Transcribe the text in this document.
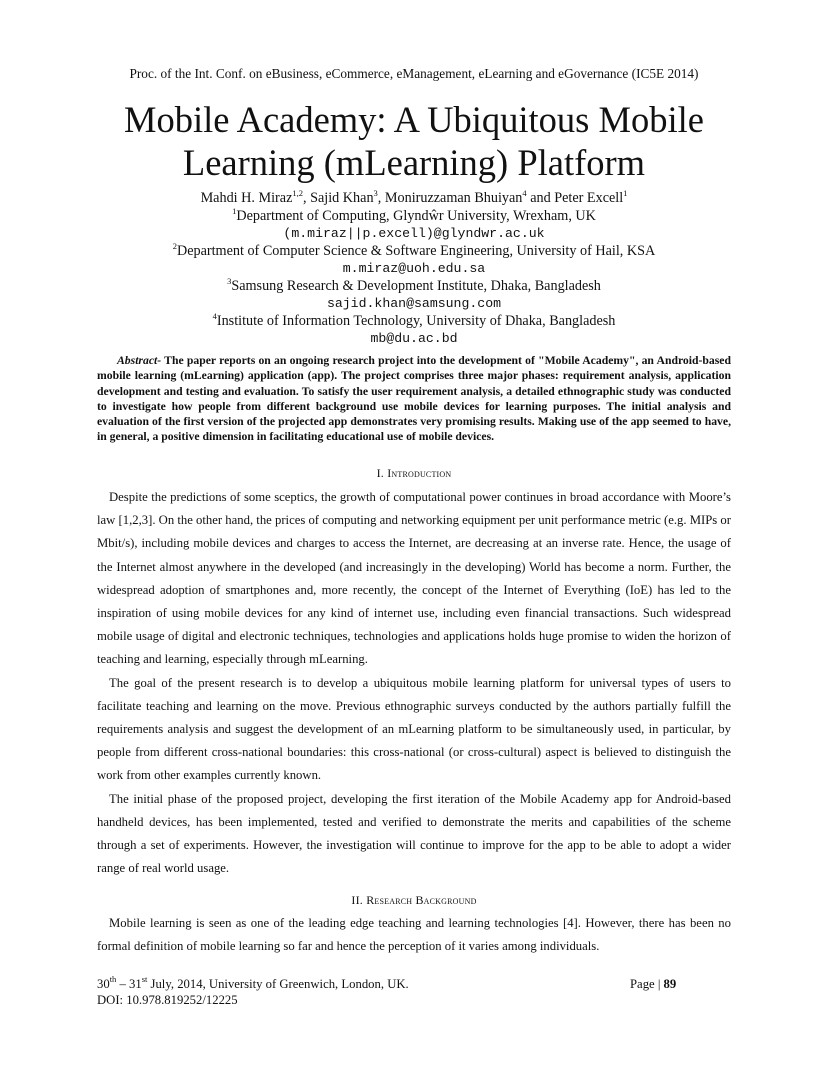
Proc. of the Int. Conf. on eBusiness, eCommerce, eManagement, eLearning and eGovernance (IC5E 2014)
Mobile Academy: A Ubiquitous Mobile
Learning (mLearning) Platform
Mahdi H. Miraz$^{1,2}$, Sajid Khan$^3$, Moniruzzaman Bhuiyan$^4$ and Peter Excell$^1$
$^1$Department of Computing, Glyndŵr University, Wrexham, UK
(m.miraz||p.excell)@glyndwr.ac.uk
$^2$Department of Computer Science & Software Engineering, University of Hail, KSA
m.miraz@uoh.edu.sa
$^3$Samsung Research & Development Institute, Dhaka, Bangladesh
sajid.khan@samsung.com
$^4$Institute of Information Technology, University of Dhaka, Bangladesh
mb@du.ac.bd
Abstract- The paper reports on an ongoing research project into the development of "Mobile Academy", an Android-based mobile learning (mLearning) application (app). The project comprises three major phases: requirement analysis, application development and testing and evaluation. To satisfy the user requirement analysis, a detailed ethnographic study was conducted to investigate how people from different background use mobile devices for learning purposes. The initial analysis and evaluation of the first version of the projected app demonstrates very promising results. Making use of the app seemed to have, in general, a positive dimension in facilitating educational use of mobile devices.
I. Introduction

Despite the predictions of some sceptics, the growth of computational power continues in broad accordance with Moore’s law [1,2,3]. On the other hand, the prices of computing and networking equipment per unit performance metric (e.g. MIPs or Mbit/s), including mobile devices and charges to access the Internet, are decreasing at an inverse rate. Hence, the usage of the Internet almost anywhere in the developed (and increasingly in the developing) World has become a norm. Further, the widespread adoption of smartphones and, more recently, the concept of the Internet of Everything (IoE) has led to the inspiration of using mobile devices for any kind of internet use, including even financial transactions. Such widespread mobile usage of digital and electronic techniques, technologies and applications holds huge promise to widen the horizon of teaching and learning, especially through mLearning.

The goal of the present research is to develop a ubiquitous mobile learning platform for universal types of users to facilitate teaching and learning on the move. Previous ethnographic surveys conducted by the authors partially fulfill the requirements analysis and suggest the development of an mLearning platform to be simultaneously used, in particular, by people from different cross-national boundaries: this cross-national (or cross-cultural) aspect is believed to distinguish the work from other examples currently known.

The initial phase of the proposed project, developing the first iteration of the Mobile Academy app for Android-based handheld devices, has been implemented, tested and verified to demonstrate the merits and capabilities of the scheme through a set of experiments. However, the investigation will continue to improve for the app to be able to adopt a wider range of real world usage.

II. Research Background

Mobile learning is seen as one of the leading edge teaching and learning technologies [4]. However, there has been no formal definition of mobile learning so far and hence the perception of it varies among individuals.

30th – 31st July, 2014, University of Greenwich, London, UK.
DOI: 10.978.819252/12225
Page | 89
